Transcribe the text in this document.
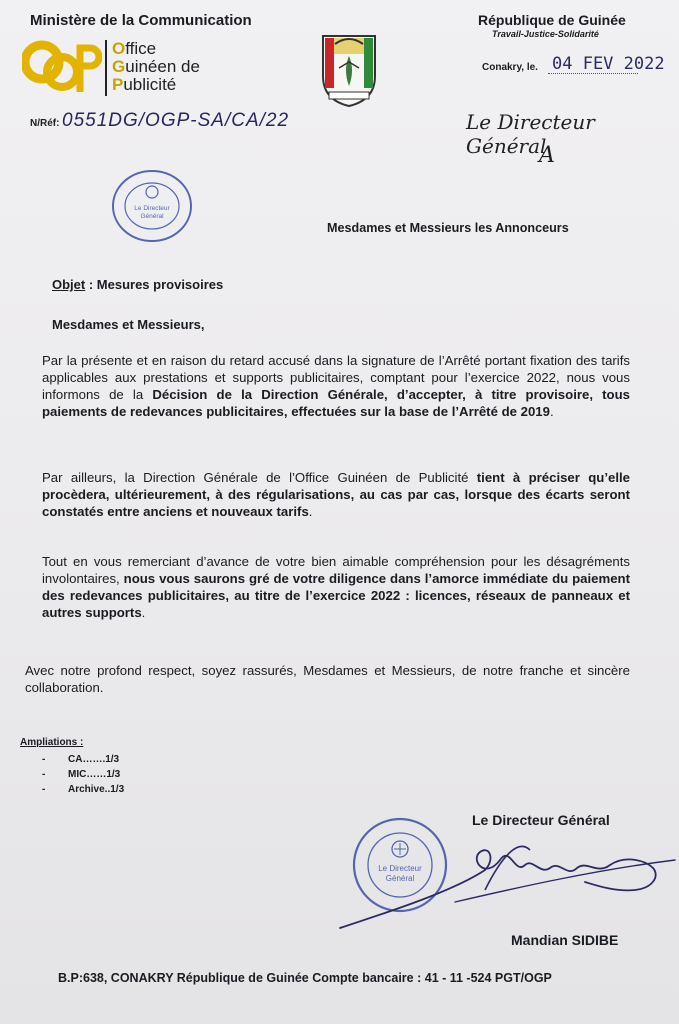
Ministère de la Communication
Office
Guinéen de
Publicité
République de Guinée
Travail-Justice-Solidarité
Conakry, le. 04 FEV 2022
N/Réf: 0551DG/OGP-SA/CA/22	Le Directeur Général
A
Le Directeur
Général
Mesdames et Messieurs les Annonceurs
Objet : Mesures provisoires
Mesdames et Messieurs,
Par la présente et en raison du retard accusé dans la signature de l’Arrêté portant fixation des tarifs applicables aux prestations et supports publicitaires, comptant pour l’exercice 2022, nous vous informons de la Décision de la Direction Générale, d’accepter, à titre provisoire, tous paiements de redevances publicitaires, effectuées sur la base de l’Arrêté de 2019.
Par ailleurs, la Direction Générale de l’Office Guinéen de Publicité tient à préciser qu’elle procèdera, ultérieurement, à des régularisations, au cas par cas, lorsque des écarts seront constatés entre anciens et nouveaux tarifs.
Tout en vous remerciant d’avance de votre bien aimable compréhension pour les désagréments involontaires, nous vous saurons gré de votre diligence dans l’amorce immédiate du paiement des redevances publicitaires, au titre de l’exercice 2022 : licences, réseaux de panneaux et autres supports.
Avec notre profond respect, soyez rassurés, Mesdames et Messieurs, de notre franche et sincère collaboration.
Ampliations :
- CA…….1/3
- MIC……1/3
- Archive..1/3
Le Directeur Général
Le Directeur
Général
Mandian SIDIBE
B.P:638, CONAKRY République de Guinée Compte bancaire : 41 - 11 -524 PGT/OGP
